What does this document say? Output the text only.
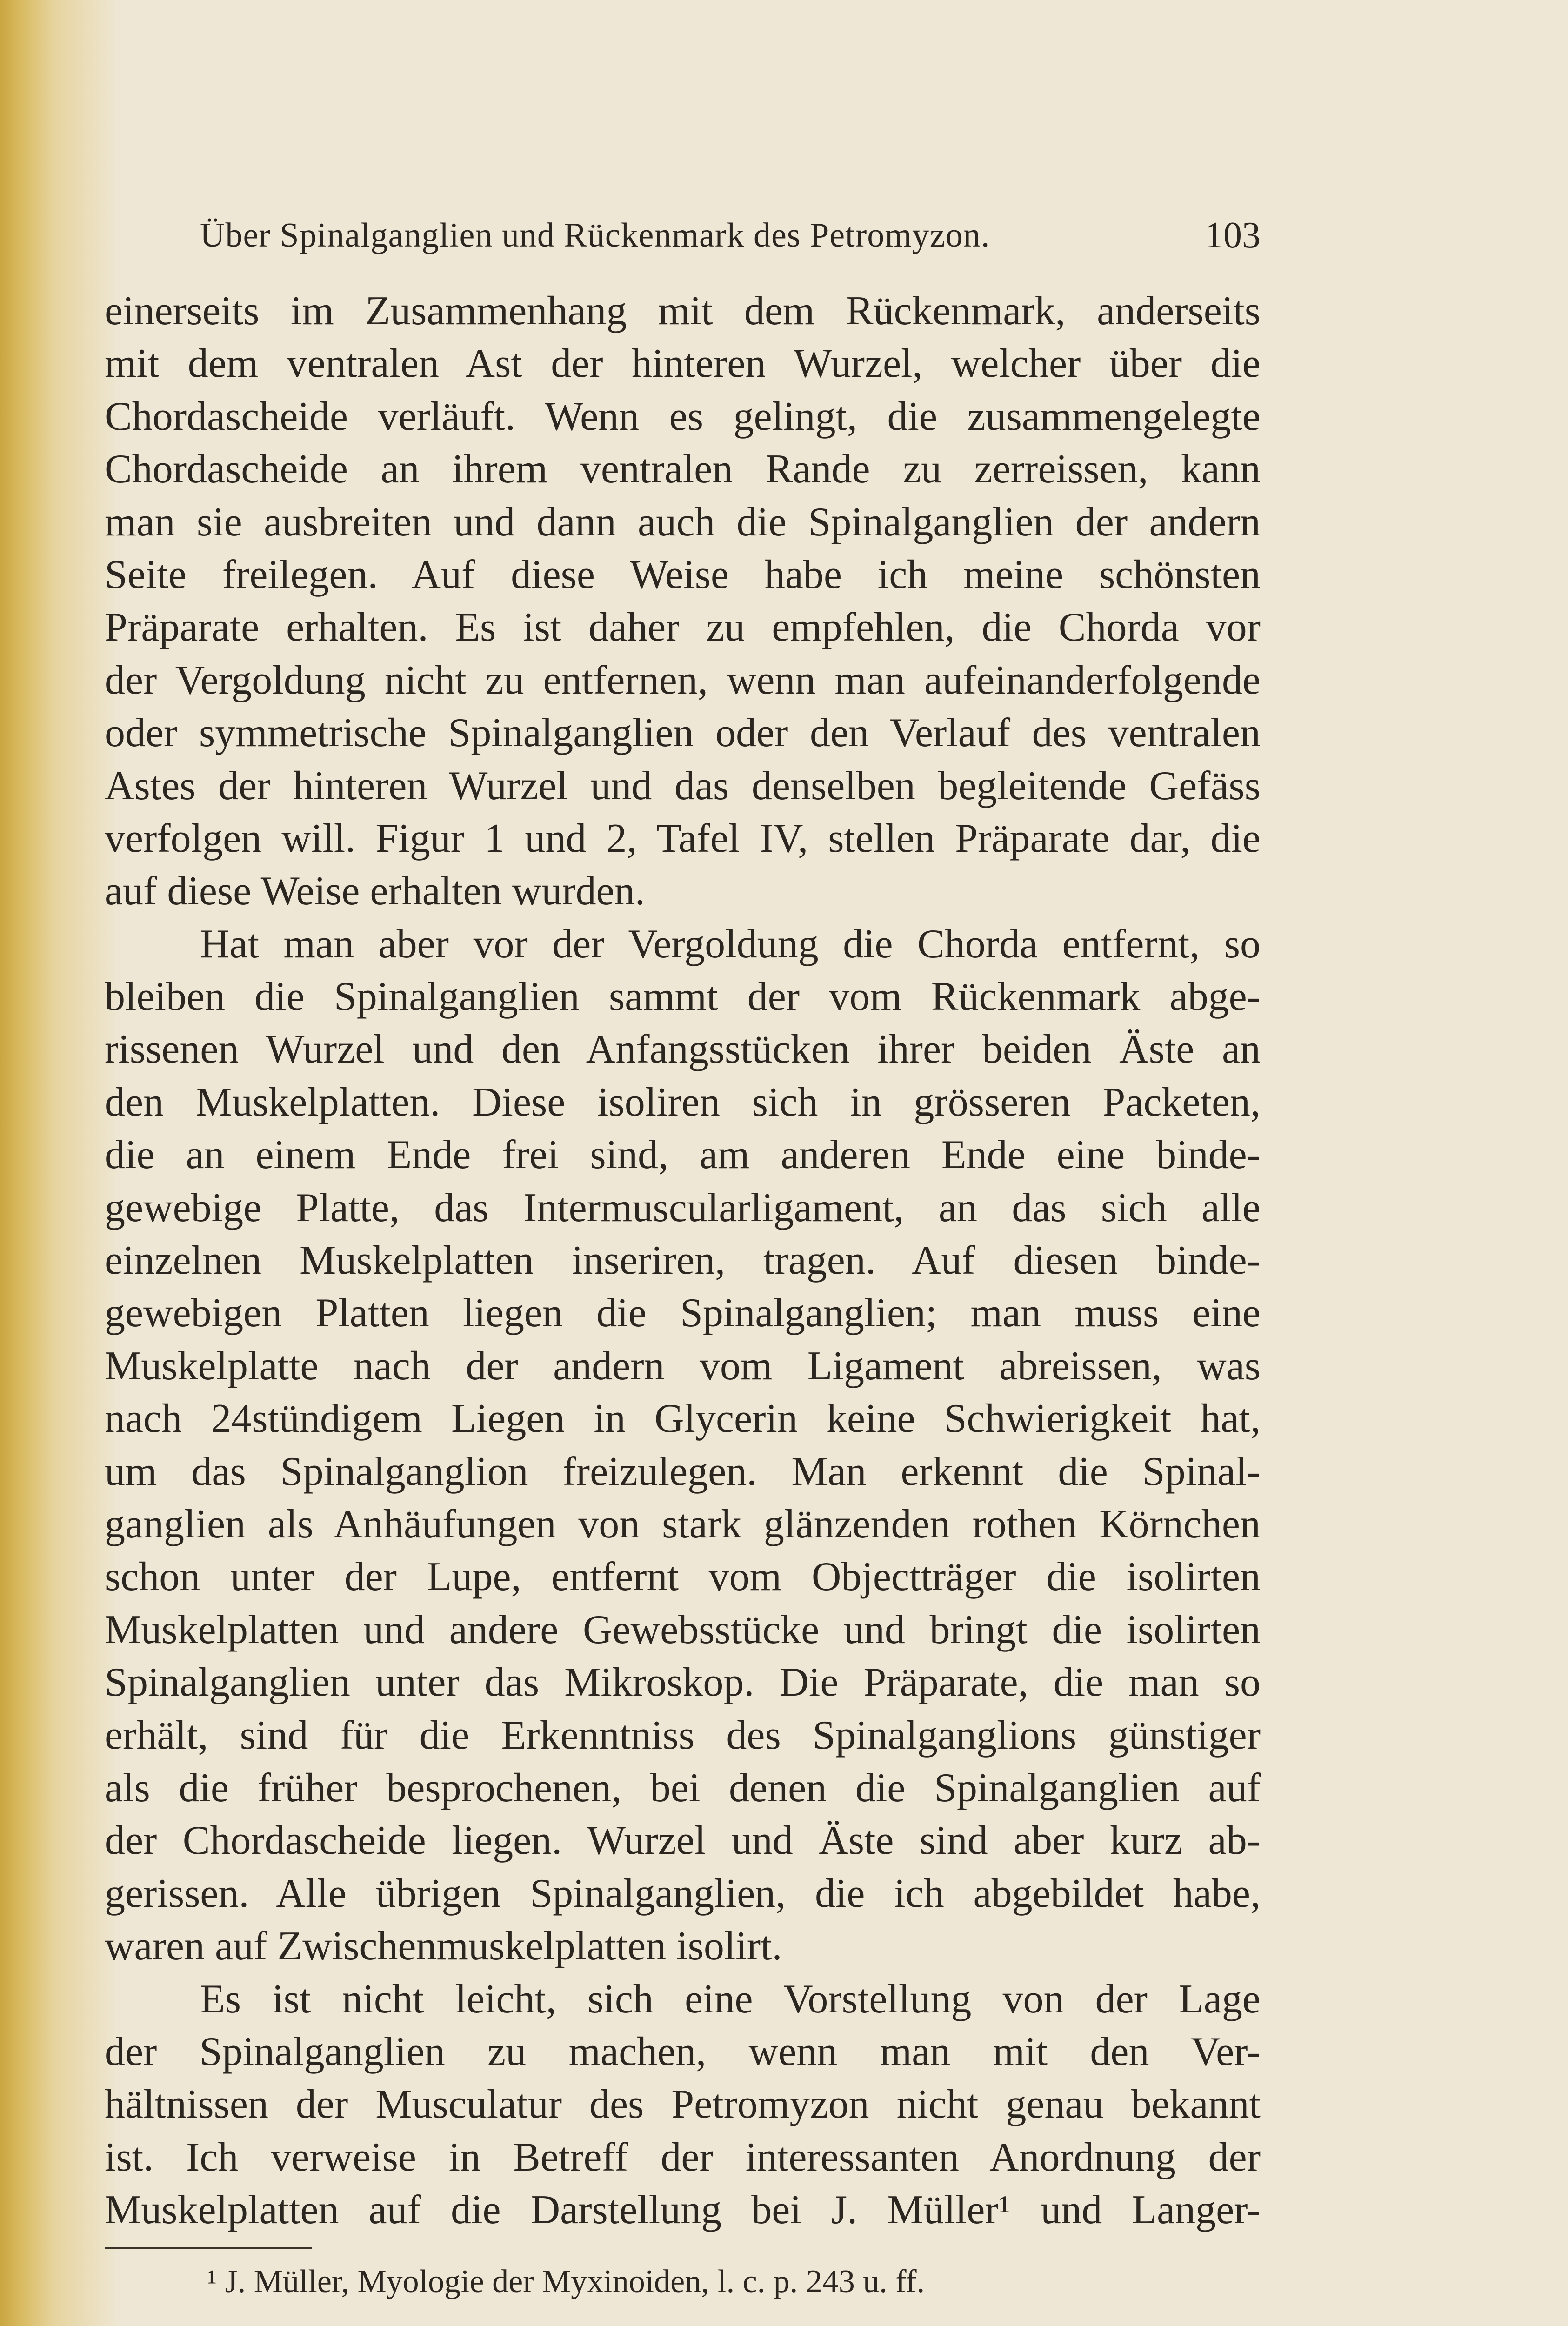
Über Spinalganglien und Rückenmark des Petromyzon.	103
einerseits im Zusammenhang mit dem Rückenmark, anderseits
mit dem ventralen Ast der hinteren Wurzel, welcher über die
Chordascheide verläuft. Wenn es gelingt, die zusammengelegte
Chordascheide an ihrem ventralen Rande zu zerreissen, kann
man sie ausbreiten und dann auch die Spinalganglien der andern
Seite freilegen. Auf diese Weise habe ich meine schönsten
Präparate erhalten. Es ist daher zu empfehlen, die Chorda vor
der Vergoldung nicht zu entfernen, wenn man aufeinanderfolgende
oder symmetrische Spinalganglien oder den Verlauf des ventralen
Astes der hinteren Wurzel und das denselben begleitende Gefäss
verfolgen will. Figur 1 und 2, Tafel IV, stellen Präparate dar, die
auf diese Weise erhalten wurden.
Hat man aber vor der Vergoldung die Chorda entfernt, so
bleiben die Spinalganglien sammt der vom Rückenmark abge-
rissenen Wurzel und den Anfangsstücken ihrer beiden Äste an
den Muskelplatten. Diese isoliren sich in grösseren Packeten,
die an einem Ende frei sind, am anderen Ende eine binde-
gewebige Platte, das Intermuscularligament, an das sich alle
einzelnen Muskelplatten inseriren, tragen. Auf diesen binde-
gewebigen Platten liegen die Spinalganglien; man muss eine
Muskelplatte nach der andern vom Ligament abreissen, was
nach 24stündigem Liegen in Glycerin keine Schwierigkeit hat,
um das Spinalganglion freizulegen. Man erkennt die Spinal-
ganglien als Anhäufungen von stark glänzenden rothen Körnchen
schon unter der Lupe, entfernt vom Objectträger die isolirten
Muskelplatten und andere Gewebsstücke und bringt die isolirten
Spinalganglien unter das Mikroskop. Die Präparate, die man so
erhält, sind für die Erkenntniss des Spinalganglions günstiger
als die früher besprochenen, bei denen die Spinalganglien auf
der Chordascheide liegen. Wurzel und Äste sind aber kurz ab-
gerissen. Alle übrigen Spinalganglien, die ich abgebildet habe,
waren auf Zwischenmuskelplatten isolirt.
Es ist nicht leicht, sich eine Vorstellung von der Lage
der Spinalganglien zu machen, wenn man mit den Ver-
hältnissen der Musculatur des Petromyzon nicht genau bekannt
ist. Ich verweise in Betreff der interessanten Anordnung der
Muskelplatten auf die Darstellung bei J. Müller¹ und Langer-
¹ J. Müller, Myologie der Myxinoiden, l. c. p. 243 u. ff.
